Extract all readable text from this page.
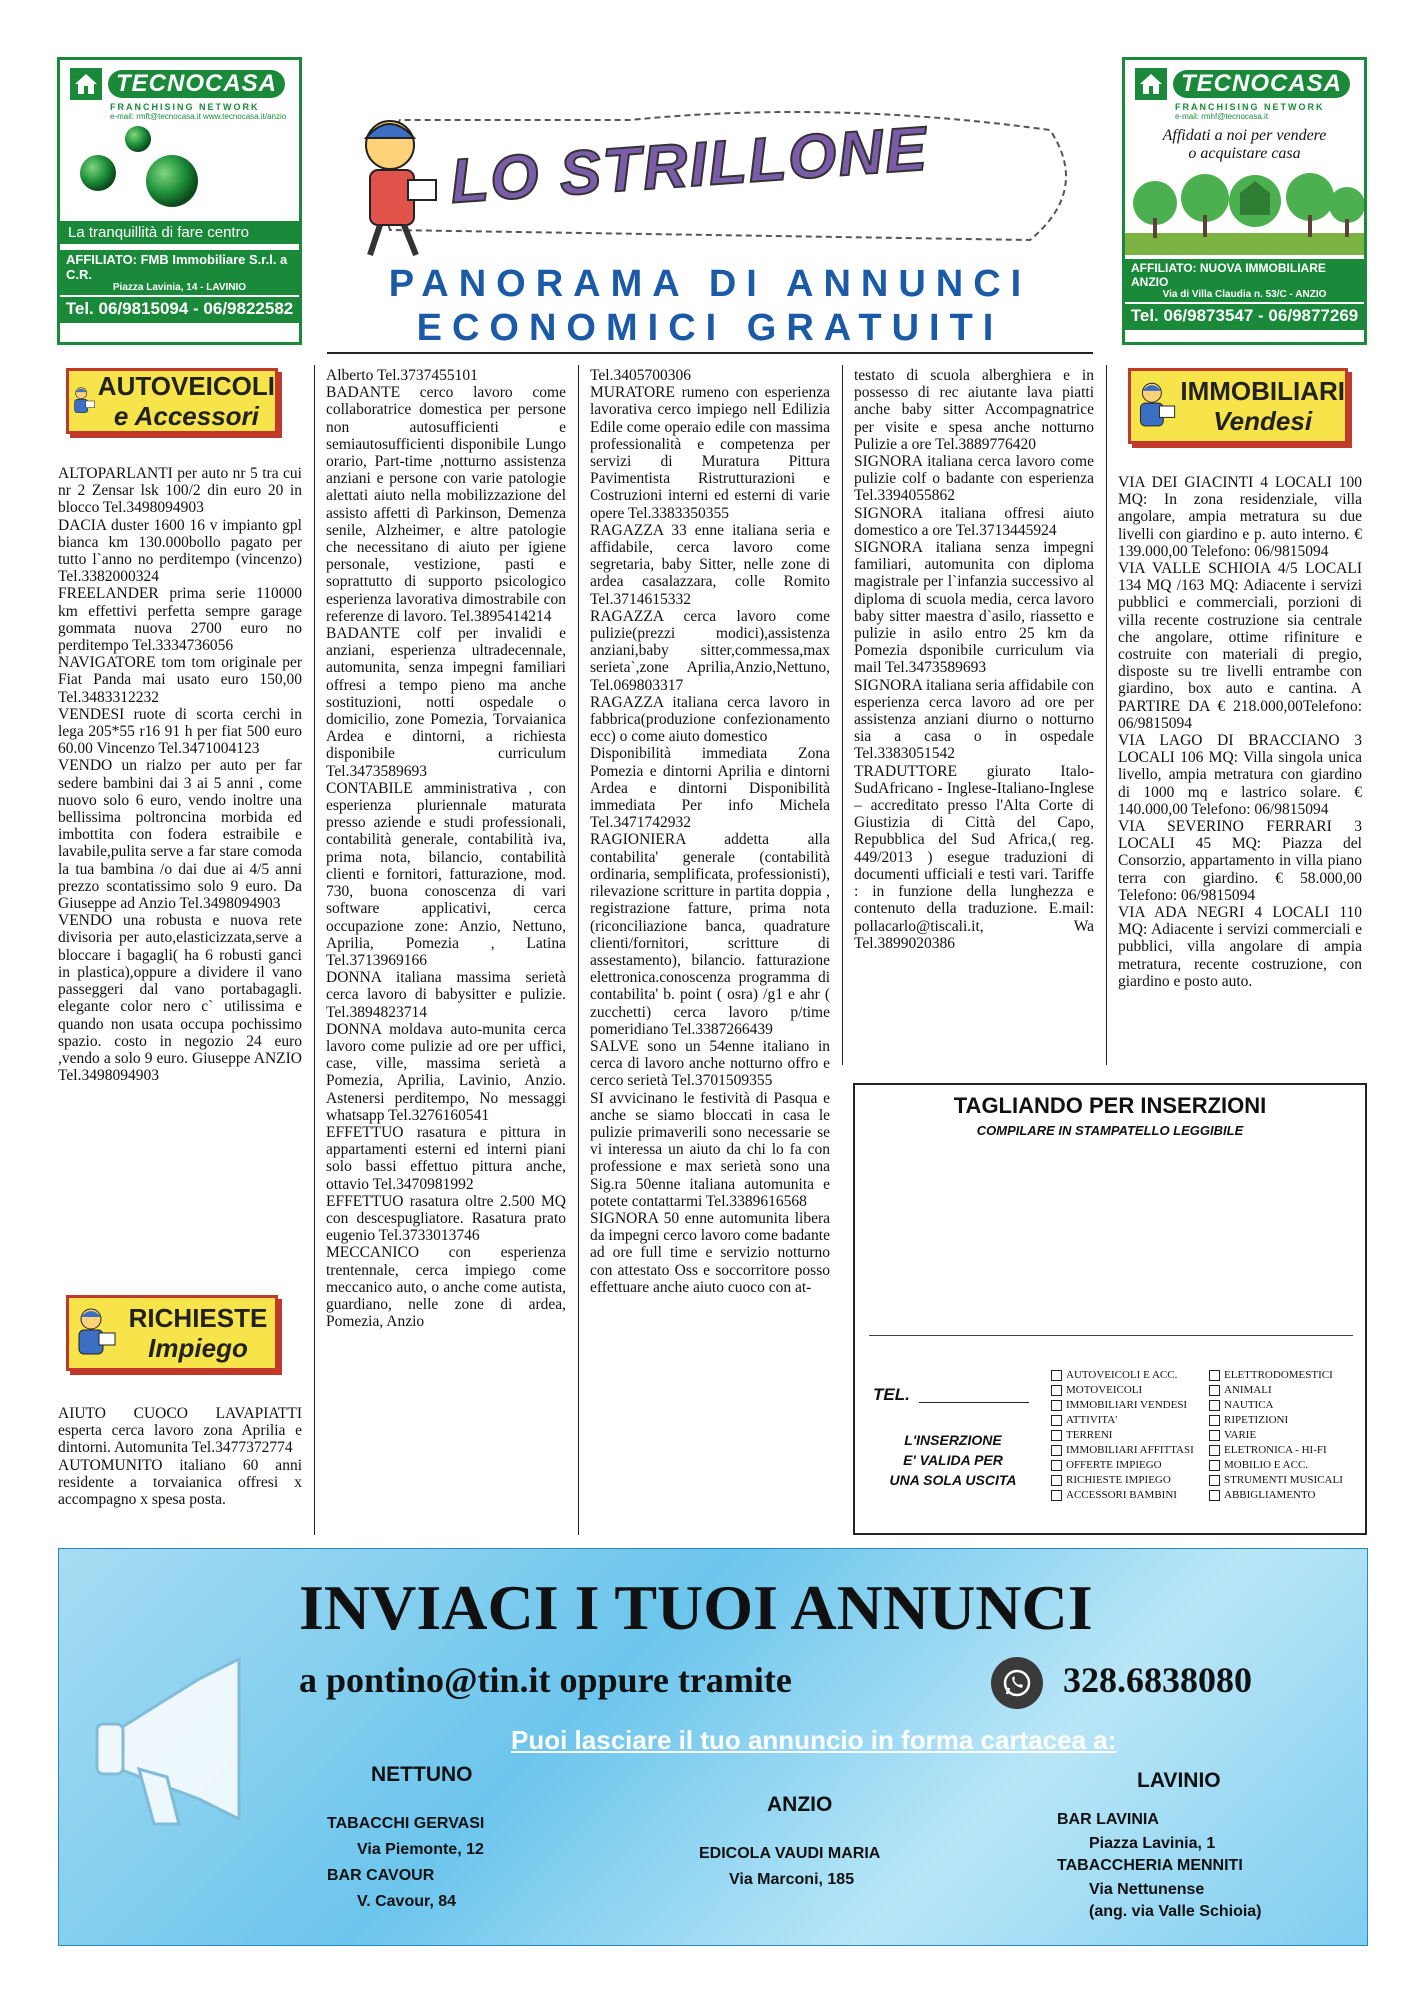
TECNOCASA
FRANCHISING NETWORK
e-mail: rmft@tecnocasa.it www.tecnocasa.it/anzio
La tranquillità di fare centro
AFFILIATO: FMB Immobiliare S.r.l. a C.R.
Piazza Lavinia, 14 - LAVINIO
Tel. 06/9815094 - 06/9822582
TECNOCASA
FRANCHISING NETWORK
e-mail: rmhf@tecnocasa.it
Affidati a noi per vendere
o acquistare casa
AFFILIATO: NUOVA IMMOBILIARE ANZIO
Via di Villa Claudia n. 53/C - ANZIO
Tel. 06/9873547 - 06/9877269
LO STRILLONE
PANORAMA DI ANNUNCI
ECONOMICI GRATUITI
AUTOVEICOLI
e Accessori
IMMOBILIARI
Vendesi
RICHIESTE
Impiego

ALTOPARLANTI per auto nr 5 tra cui nr 2 Zensar lsk 100/2 din euro 20 in blocco Tel.3498094903

DACIA duster 1600 16 v impianto gpl bianca km 130.000bollo pagato per tutto l`anno no perditempo (vincenzo) Tel.3382000324

FREELANDER prima serie 110000 km effettivi perfetta sempre garage gommata nuova 2700 euro no perditempo Tel.3334736056

NAVIGATORE tom tom originale per Fiat Panda mai usato euro 150,00 Tel.3483312232

VENDESI ruote di scorta cerchi in lega 205*55 r16 91 h per fiat 500 euro 60.00 Vincenzo Tel.3471004123

VENDO un rialzo per auto per far sedere bambini dai 3 ai 5 anni , come nuovo solo 6 euro, vendo inoltre una bellissima poltroncina morbida ed imbottita con fodera estraibile e lavabile,pulita serve a far stare comoda la tua bambina /o dai due ai 4/5 anni prezzo scontatissimo solo 9 euro. Da Giuseppe ad Anzio Tel.3498094903

VENDO una robusta e nuova rete divisoria per auto,elasticizzata,serve a bloccare i bagagli( ha 6 robusti ganci in plastica),oppure a dividere il vano passeggeri dal vano portabagagli. elegante color nero c` utilissima e quando non usata occupa pochissimo spazio. costo in negozio 24 euro ,vendo a solo 9 euro. Giuseppe ANZIO Tel.3498094903

AIUTO CUOCO LAVAPIATTI esperta cerca lavoro zona Aprilia e dintorni. Automunita Tel.3477372774

AUTOMUNITO italiano 60 anni residente a torvaianica offresi x accompagno x spesa posta.

Alberto Tel.3737455101

BADANTE cerco lavoro come collaboratrice domestica per persone non autosufficienti e semiautosufficienti disponibile Lungo orario, Part-time ,notturno assistenza anziani e persone con varie patologie alettati aiuto nella mobilizzazione del assisto affetti dì Parkinson, Demenza senile, Alzheimer, e altre patologie che necessitano di aiuto per igiene personale, vestizione, pasti e soprattutto di supporto psicologico esperienza lavorativa dimostrabile con referenze di lavoro. Tel.3895414214

BADANTE colf per invalidi e anziani, esperienza ultradecennale, automunita, senza impegni familiari offresi a tempo pieno ma anche sostituzioni, notti ospedale o domicilio, zone Pomezia, Torvaianica Ardea e dintorni, a richiesta disponibile curriculum Tel.3473589693

CONTABILE amministrativa , con esperienza pluriennale maturata presso aziende e studi professionali, contabilità generale, contabilità iva, prima nota, bilancio, contabilità clienti e fornitori, fatturazione, mod. 730, buona conoscenza di vari software applicativi, cerca occupazione zone: Anzio, Nettuno, Aprilia, Pomezia , Latina Tel.3713969166

DONNA italiana massima serietà cerca lavoro di babysitter e pulizie. Tel.3894823714

DONNA moldava auto-munita cerca lavoro come pulizie ad ore per uffici, case, ville, massima serietà a Pomezia, Aprilia, Lavinio, Anzio. Astenersi perditempo, No messaggi whatsapp Tel.3276160541

EFFETTUO rasatura e pittura in appartamenti esterni ed interni piani solo bassi effettuo pittura anche, ottavio Tel.3470981992

EFFETTUO rasatura oltre 2.500 MQ con descespugliatore. Rasatura prato eugenio Tel.3733013746

MECCANICO con esperienza trentennale, cerca impiego come meccanico auto, o anche come autista, guardiano, nelle zone di ardea, Pomezia, Anzio

Tel.3405700306

MURATORE rumeno con esperienza lavorativa cerco impiego nell Edilizia Edile come operaio edile con massima professionalità e competenza per servizi di Muratura Pittura Pavimentista Ristrutturazioni e Costruzioni interni ed esterni di varie opere Tel.3383350355

RAGAZZA 33 enne italiana seria e affidabile, cerca lavoro come segretaria, baby Sitter, nelle zone di ardea casalazzara, colle Romito Tel.3714615332

RAGAZZA cerca lavoro come pulizie(prezzi modici),assistenza anziani,baby sitter,commessa,max serieta`,zone Aprilia,Anzio,Nettuno, Tel.069803317

RAGAZZA italiana cerca lavoro in fabbrica(produzione confezionamento ecc) o come aiuto domestico

Disponibilità immediata Zona Pomezia e dintorni Aprilia e dintorni Ardea e dintorni Disponibilità immediata Per info Michela Tel.3471742932

RAGIONIERA addetta alla contabilita' generale (contabilità ordinaria, semplificata, professionisti), rilevazione scritture in partita doppia , registrazione fatture, prima nota (riconciliazione banca, quadrature clienti/fornitori, scritture di assestamento), bilancio. fatturazione elettronica.conoscenza programma di contabilita' b. point ( osra) /g1 e ahr ( zucchetti) cerca lavoro p/time pomeridiano Tel.3387266439

SALVE sono un 54enne italiano in cerca di lavoro anche notturno offro e cerco serietà Tel.3701509355

SI avvicinano le festività di Pasqua e anche se siamo bloccati in casa le pulizie primaverili sono necessarie se vi interessa un aiuto da chi lo fa con professione e max serietà sono una Sig.ra 50enne italiana automunita e potete contattarmi Tel.3389616568

SIGNORA 50 enne automunita libera da impegni cerco lavoro come badante ad ore full time e servizio notturno con attestato Oss e soccorritore posso effettuare anche aiuto cuoco con at-

testato di scuola alberghiera e in possesso di rec aiutante lava piatti anche baby sitter Accompagnatrice per visite e spesa anche notturno Pulizie a ore Tel.3889776420

SIGNORA italiana cerca lavoro come pulizie colf o badante con esperienza Tel.3394055862

SIGNORA italiana offresi aiuto domestico a ore Tel.3713445924

SIGNORA italiana senza impegni familiari, automunita con diploma magistrale per l`infanzia successivo al diploma di scuola media, cerca lavoro baby sitter maestra d`asilo, riassetto e pulizie in asilo entro 25 km da Pomezia dsponibile curriculum via mail Tel.3473589693

SIGNORA italiana seria affidabile con esperienza cerca lavoro ad ore per assistenza anziani diurno o notturno sia a casa o in ospedale Tel.3383051542

TRADUTTORE giurato Italo-SudAfricano - Inglese-Italiano-Inglese – accreditato presso l'Alta Corte di Giustizia di Città del Capo, Repubblica del Sud Africa,( reg. 449/2013 ) esegue traduzioni di documenti ufficiali e testi vari. Tariffe : in funzione della lunghezza e contenuto della traduzione. E.mail: pollacarlo@tiscali.it, Wa Tel.3899020386

VIA DEI GIACINTI 4 LOCALI 100 MQ: In zona residenziale, villa angolare, ampia metratura su due livelli con giardino e p. auto interno. € 139.000,00 Telefono: 06/9815094

VIA VALLE SCHIOIA 4/5 LOCALI 134 MQ /163 MQ: Adiacente i servizi pubblici e commerciali, porzioni di villa recente costruzione sia centrale che angolare, ottime rifiniture e costruite con materiali di pregio, disposte su tre livelli entrambe con giardino, box auto e cantina. A PARTIRE DA € 218.000,00Telefono: 06/9815094

VIA LAGO DI BRACCIANO 3 LOCALI 106 MQ: Villa singola unica livello, ampia metratura con giardino di 1000 mq e lastrico solare. € 140.000,00 Telefono: 06/9815094

VIA SEVERINO FERRARI 3 LOCALI 45 MQ: Piazza del Consorzio, appartamento in villa piano terra con giardino. € 58.000,00 Telefono: 06/9815094

VIA ADA NEGRI 4 LOCALI 110 MQ: Adiacente i servizi commerciali e pubblici, villa angolare di ampia metratura, recente costruzione, con giardino e posto auto.

TAGLIANDO PER INSERZIONI
COMPILARE IN STAMPATELLO LEGGIBILE
TEL.
L'INSERZIONE
E' VALIDA PER
UNA SOLA USCITA
AUTOVEICOLI E ACC.
MOTOVEICOLI
IMMOBILIARI VENDESI
ATTIVITA'
TERRENI
IMMOBILIARI AFFITTASI
OFFERTE IMPIEGO
RICHIESTE IMPIEGO
ACCESSORI BAMBINI
ELETTRODOMESTICI
ANIMALI
NAUTICA
RIPETIZIONI
VARIE
ELETRONICA - HI-FI
MOBILIO E ACC.
STRUMENTI MUSICALI
ABBIGLIAMENTO
INVIACI I TUOI ANNUNCI
a pontino@tin.it oppure tramite	328.6838080
Puoi lasciare il tuo annuncio in forma cartacea a:
NETTUNO
TABACCHI GERVASI
Via Piemonte, 12
BAR CAVOUR
V. Cavour, 84
ANZIO
EDICOLA VAUDI MARIA
Via Marconi, 185
LAVINIO
BAR LAVINIA
Piazza Lavinia, 1
TABACCHERIA MENNITI
Via Nettunense
(ang. via Valle Schioia)
